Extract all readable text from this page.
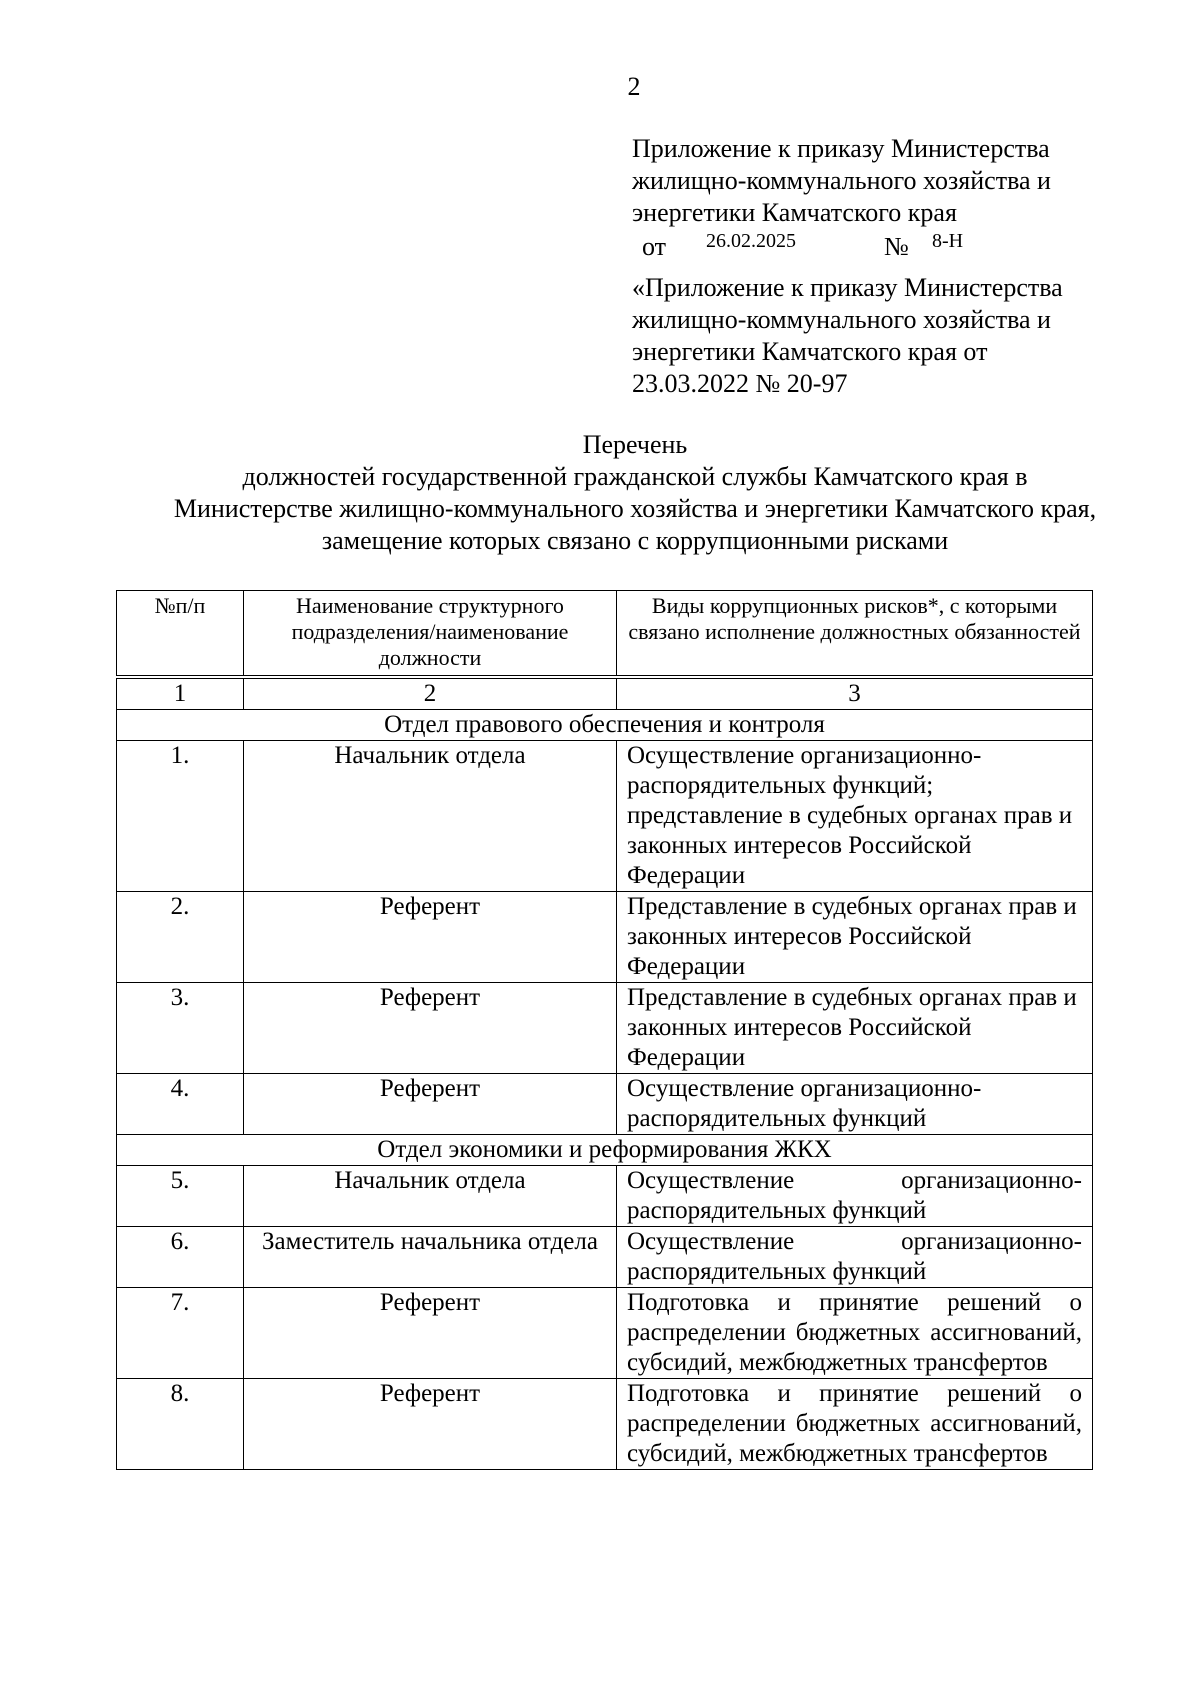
2
Приложение к приказу Министерства
жилищно-коммунального хозяйства и
энергетики Камчатского края
от 26.02.2025	№ 8-Н
«Приложение к приказу Министерства
жилищно-коммунального хозяйства и
энергетики Камчатского края от
23.03.2022 № 20-97
Перечень
должностей государственной гражданской службы Камчатского края в
Министерстве жилищно-коммунального хозяйства и энергетики Камчатского края,
замещение которых связано с коррупционными рисками
№п/п	Наименование структурного подразделения/наименование должности	Виды коррупционных рисков*, с которыми связано исполнение должностных обязанностей
1	2	3
Отдел правового обеспечения и контроля		
1.	Начальник отдела	Осуществление организационно-распорядительных функций; представление в судебных органах прав и законных интересов Российской Федерации
2.	Референт	Представление в судебных органах прав и законных интересов Российской Федерации
3.	Референт	Представление в судебных органах прав и законных интересов Российской Федерации
4.	Референт	Осуществление организационно-распорядительных функций
Отдел экономики и реформирования ЖКХ		
5.	Начальник отдела	Осуществление организационно-распорядительных функций
6.	Заместитель начальника отдела	Осуществление организационно-распорядительных функций
7.	Референт	Подготовка и принятие решений о распределении бюджетных ассигнований, субсидий, межбюджетных трансфертов
8.	Референт	Подготовка и принятие решений о распределении бюджетных ассигнований, субсидий, межбюджетных трансфертов
